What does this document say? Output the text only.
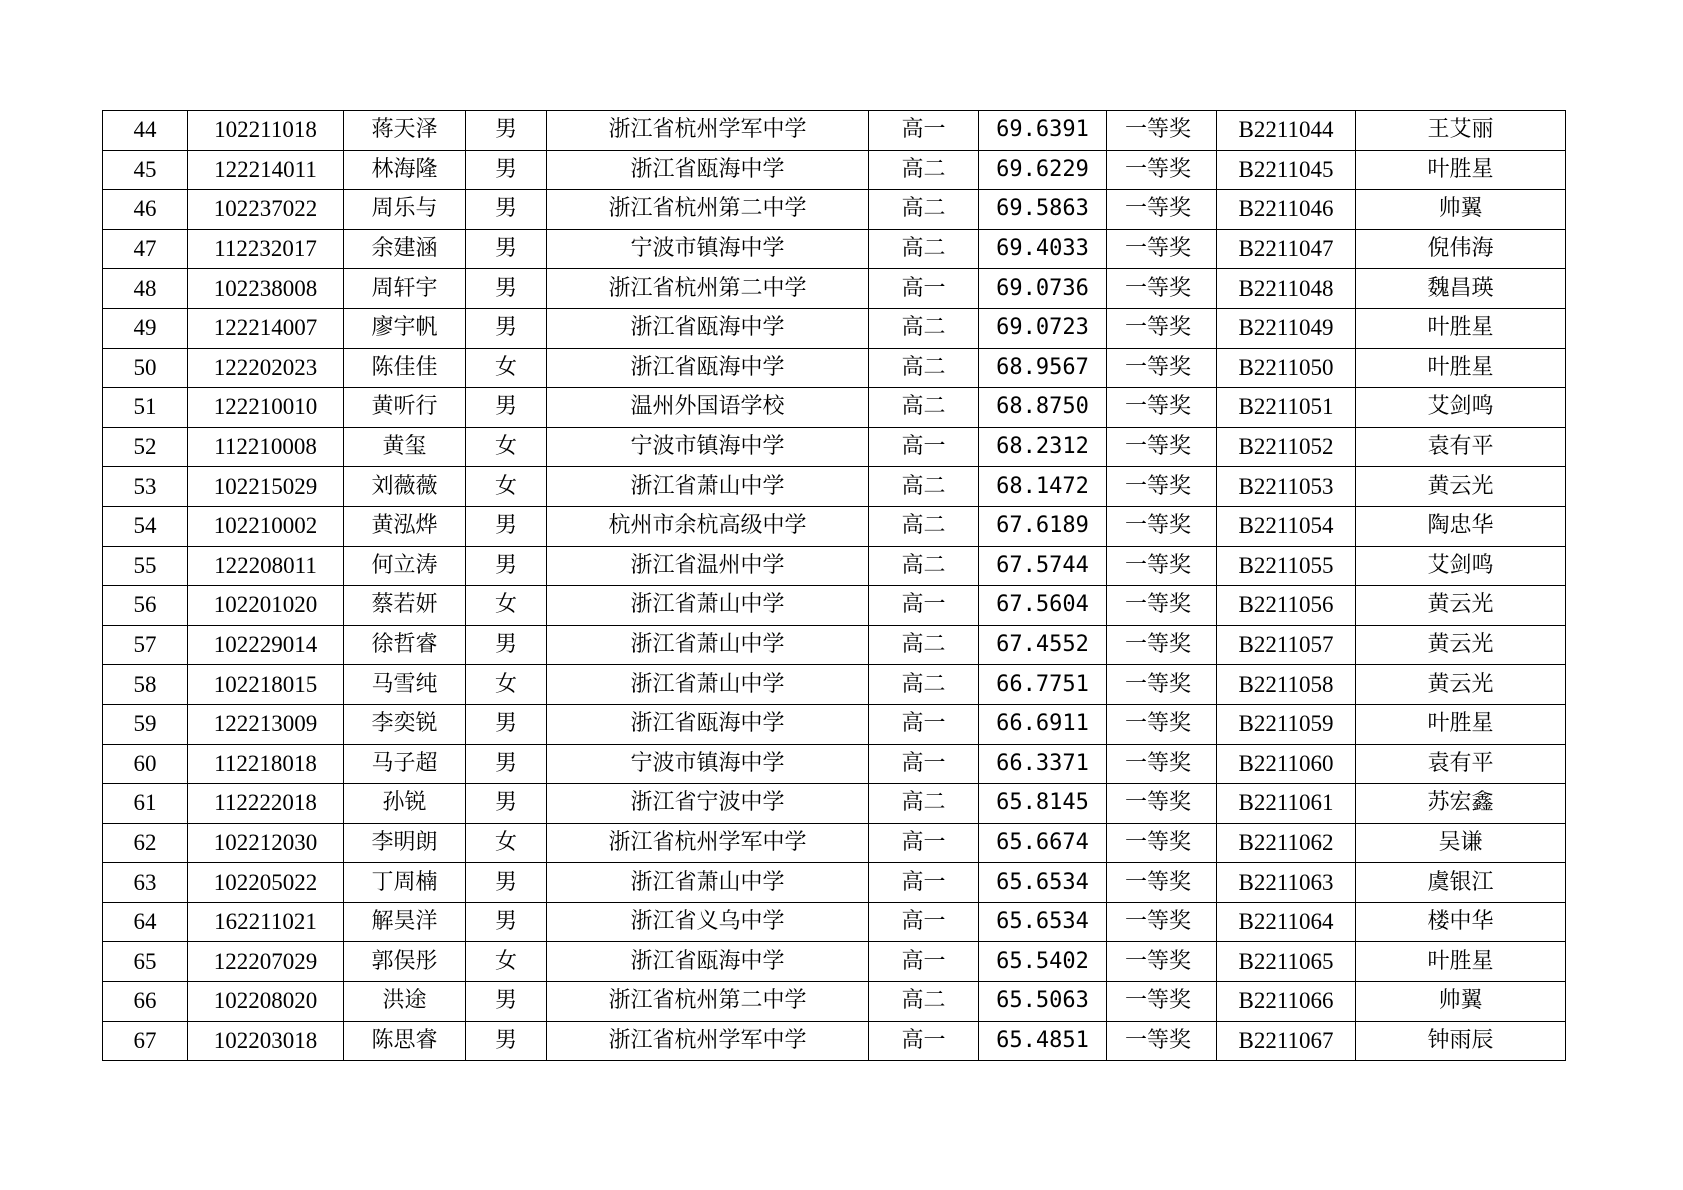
44	102211018	蒋天泽	男	浙江省杭州学军中学	高一	69.6391	一等奖	B2211044	王艾丽
45	122214011	林海隆	男	浙江省瓯海中学	高二	69.6229	一等奖	B2211045	叶胜星
46	102237022	周乐与	男	浙江省杭州第二中学	高二	69.5863	一等奖	B2211046	帅翼
47	112232017	余建涵	男	宁波市镇海中学	高二	69.4033	一等奖	B2211047	倪伟海
48	102238008	周轩宇	男	浙江省杭州第二中学	高一	69.0736	一等奖	B2211048	魏昌瑛
49	122214007	廖宇帆	男	浙江省瓯海中学	高二	69.0723	一等奖	B2211049	叶胜星
50	122202023	陈佳佳	女	浙江省瓯海中学	高二	68.9567	一等奖	B2211050	叶胜星
51	122210010	黄听行	男	温州外国语学校	高二	68.8750	一等奖	B2211051	艾剑鸣
52	112210008	黄玺	女	宁波市镇海中学	高一	68.2312	一等奖	B2211052	袁有平
53	102215029	刘薇薇	女	浙江省萧山中学	高二	68.1472	一等奖	B2211053	黄云光
54	102210002	黄泓烨	男	杭州市余杭高级中学	高二	67.6189	一等奖	B2211054	陶忠华
55	122208011	何立涛	男	浙江省温州中学	高二	67.5744	一等奖	B2211055	艾剑鸣
56	102201020	蔡若妍	女	浙江省萧山中学	高一	67.5604	一等奖	B2211056	黄云光
57	102229014	徐哲睿	男	浙江省萧山中学	高二	67.4552	一等奖	B2211057	黄云光
58	102218015	马雪纯	女	浙江省萧山中学	高二	66.7751	一等奖	B2211058	黄云光
59	122213009	李奕锐	男	浙江省瓯海中学	高一	66.6911	一等奖	B2211059	叶胜星
60	112218018	马子超	男	宁波市镇海中学	高一	66.3371	一等奖	B2211060	袁有平
61	112222018	孙锐	男	浙江省宁波中学	高二	65.8145	一等奖	B2211061	苏宏鑫
62	102212030	李明朗	女	浙江省杭州学军中学	高一	65.6674	一等奖	B2211062	吴谦
63	102205022	丁周楠	男	浙江省萧山中学	高一	65.6534	一等奖	B2211063	虞银江
64	162211021	解昊洋	男	浙江省义乌中学	高一	65.6534	一等奖	B2211064	楼中华
65	122207029	郭俣彤	女	浙江省瓯海中学	高一	65.5402	一等奖	B2211065	叶胜星
66	102208020	洪途	男	浙江省杭州第二中学	高二	65.5063	一等奖	B2211066	帅翼
67	102203018	陈思睿	男	浙江省杭州学军中学	高一	65.4851	一等奖	B2211067	钟雨辰
